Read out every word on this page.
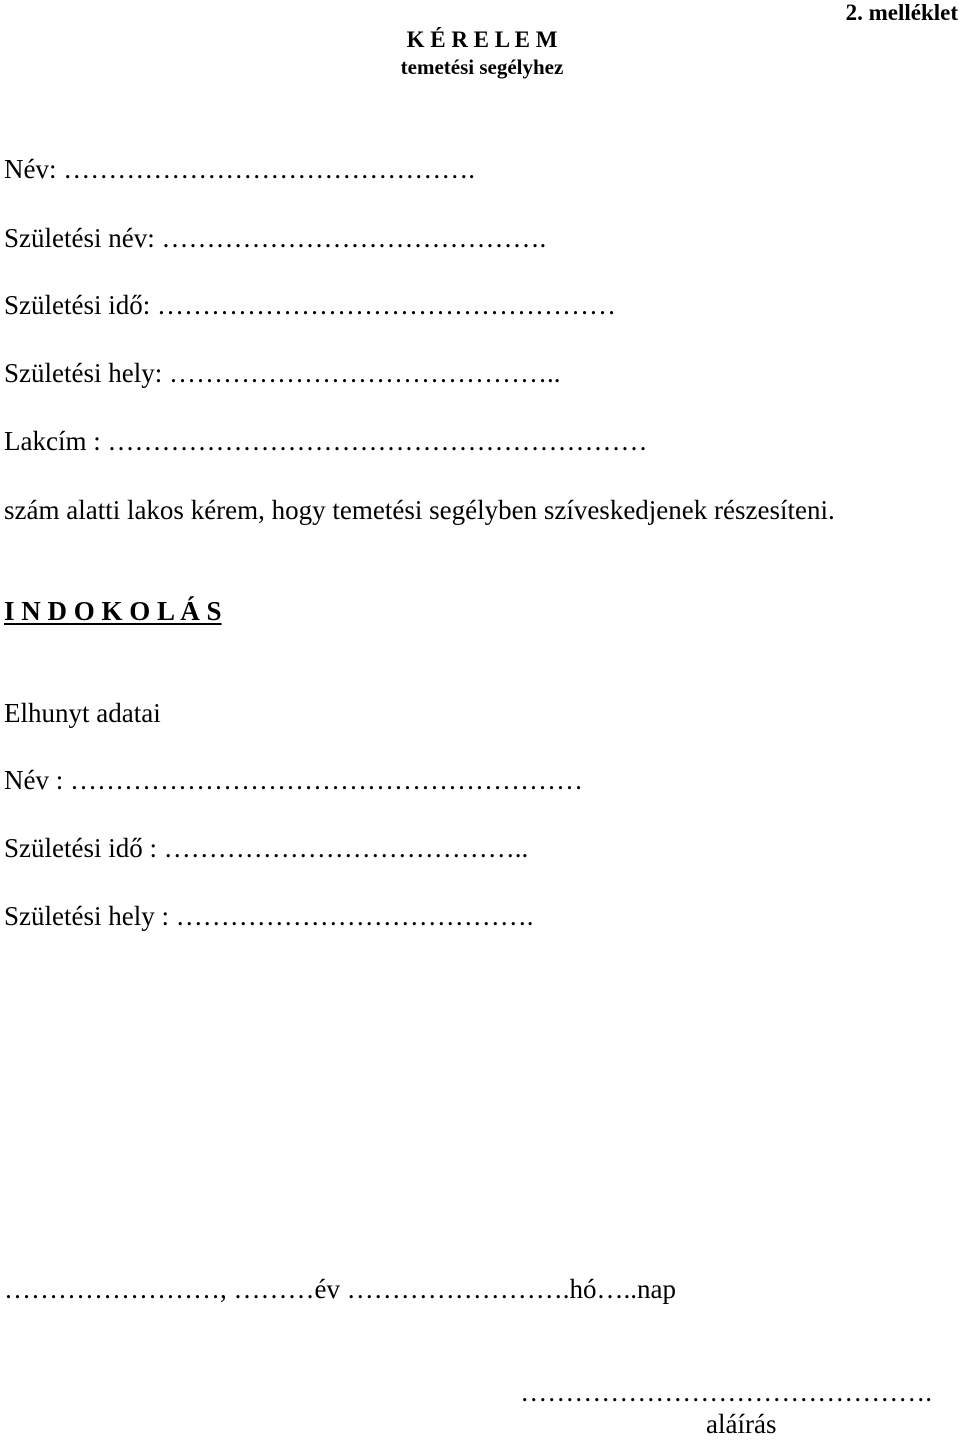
2. melléklet
K É R E L E M
temetési segélyhez
Név: ……………………………………….
Születési név: …………………………………….
Születési idő: ……………………………………………
Születési hely: ……………………………………..
Lakcím : ……………………………………………………
szám alatti lakos kérem, hogy temetési segélyben szíveskedjenek részesíteni.
I N D O K O L Á S
Elhunyt adatai
Név : …………………………………………………
Születési idő : …………………………………..
Születési hely : ………………………………….
……………………, ………év …………………….hó…..nap
……………………………………….
aláírás
